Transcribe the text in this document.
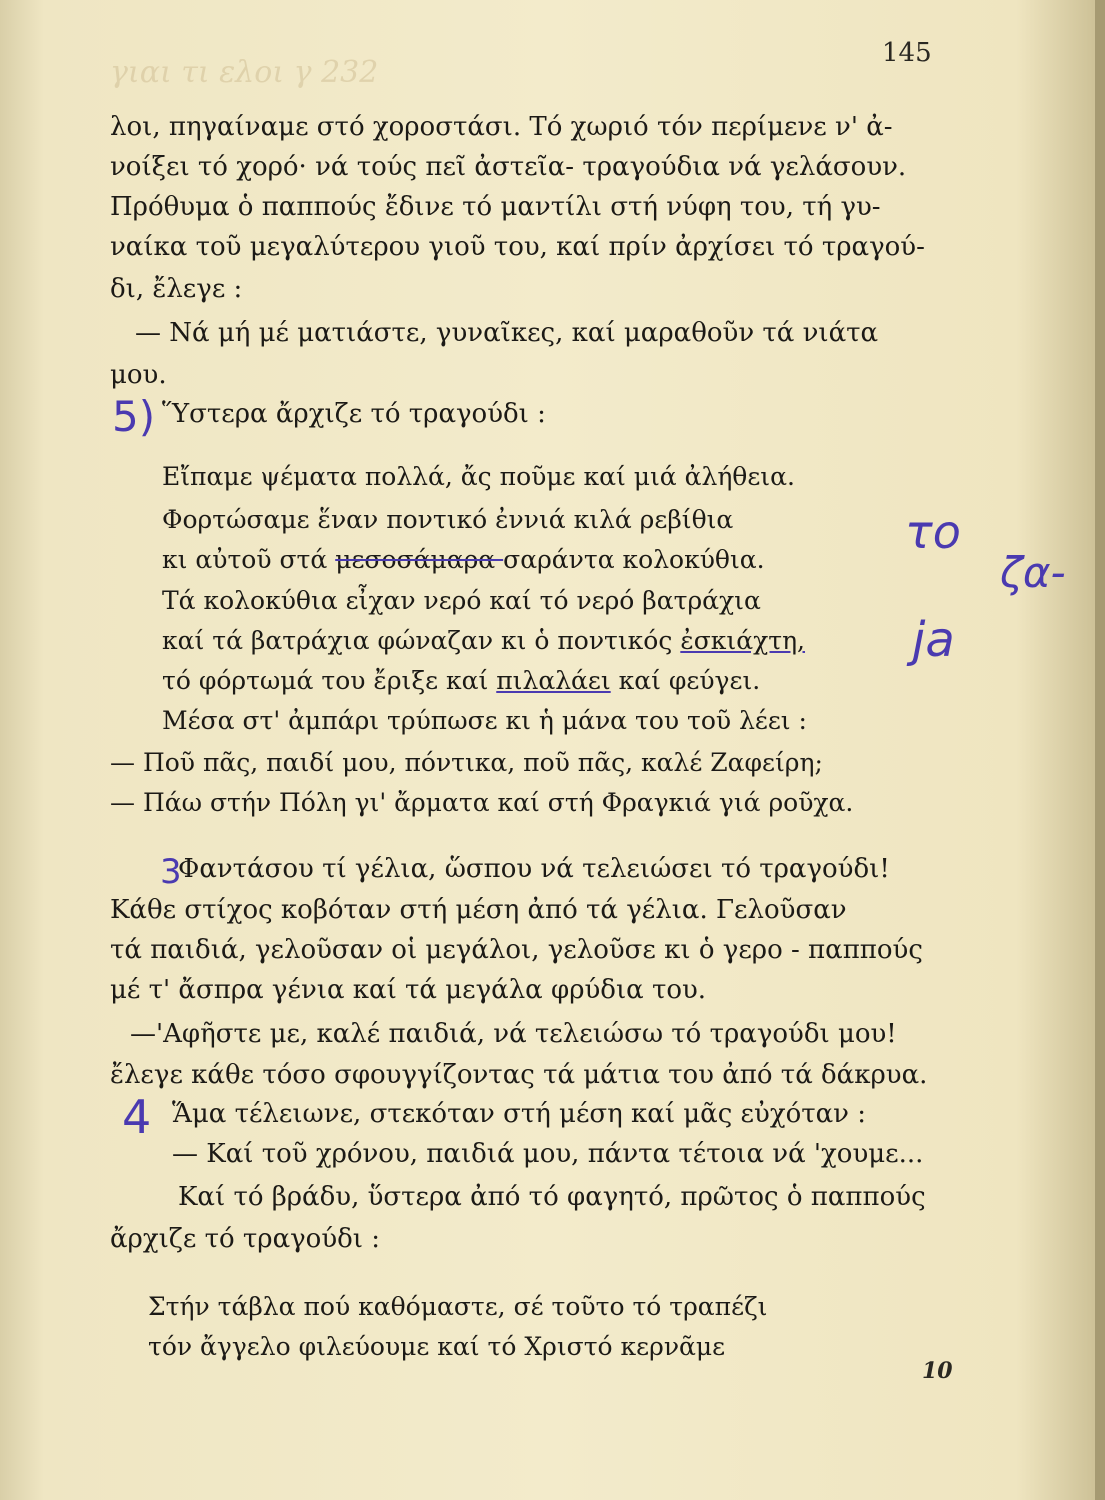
γιαι τι ελοι γ 232
145
λοι, πηγαίναμε στό χοροστάσι. Τό χωριό τόν περίμενε ν' ἀ-
νοίξει τό χορό· νά τούς πεῖ ἀστεῖα- τραγούδια νά γελάσουν.
Πρόθυμα ὁ παππούς ἔδινε τό μαντίλι στή νύφη του, τή γυ-
ναίκα τοῦ μεγαλύτερου γιοῦ του, καί πρίν ἀρχίσει τό τραγού-
δι, ἔλεγε :
— Νά μή μέ ματιάστε, γυναῖκες, καί μαραθοῦν τά νιάτα
μου.
5) Ὕστερα ἄρχιζε τό τραγούδι :
Εἴπαμε ψέματα πολλά, ἄς ποῦμε καί μιά ἀλήθεια.
Φορτώσαμε ἕναν ποντικό ἐννιά κιλά ρεβίθια
κι αὐτοῦ στά μεσοσάμαρα σαράντα κολοκύθια.
Τά κολοκύθια εἶχαν νερό καί τό νερό βατράχια
καί τά βατράχια φώναζαν κι ὁ ποντικός ἐσκιάχτη,
τό φόρτωμά του ἔριξε καί πιλαλάει καί φεύγει.
Μέσα στ' ἀμπάρι τρύπωσε κι ἡ μάνα του τοῦ λέει :
— Ποῦ πᾶς, παιδί μου, πόντικα, ποῦ πᾶς, καλέ Ζαφείρη;
— Πάω στήν Πόλη γι' ἄρματα καί στή Φραγκιά γιά ροῦχα.
το
ζα-
ja
3
Φαντάσου τί γέλια, ὥσπου νά τελειώσει τό τραγούδι!
Κάθε στίχος κοβόταν στή μέση ἀπό τά γέλια. Γελοῦσαν
τά παιδιά, γελοῦσαν οἱ μεγάλοι, γελοῦσε κι ὁ γερο - παππούς
μέ τ' ἄσπρα γένια καί τά μεγάλα φρύδια του.
—'Αφῆστε με, καλέ παιδιά, νά τελειώσω τό τραγούδι μου!
ἔλεγε κάθε τόσο σφουγγίζοντας τά μάτια του ἀπό τά δάκρυα.
4 Ἅμα τέλειωνε, στεκόταν στή μέση καί μᾶς εὐχόταν :
— Καί τοῦ χρόνου, παιδιά μου, πάντα τέτοια νά 'χουμε...
Καί τό βράδυ, ὕστερα ἀπό τό φαγητό, πρῶτος ὁ παππούς
ἄρχιζε τό τραγούδι :
Στήν τάβλα πού καθόμαστε, σέ τοῦτο τό τραπέζι
τόν ἄγγελο φιλεύουμε καί τό Χριστό κερνᾶμε
10
